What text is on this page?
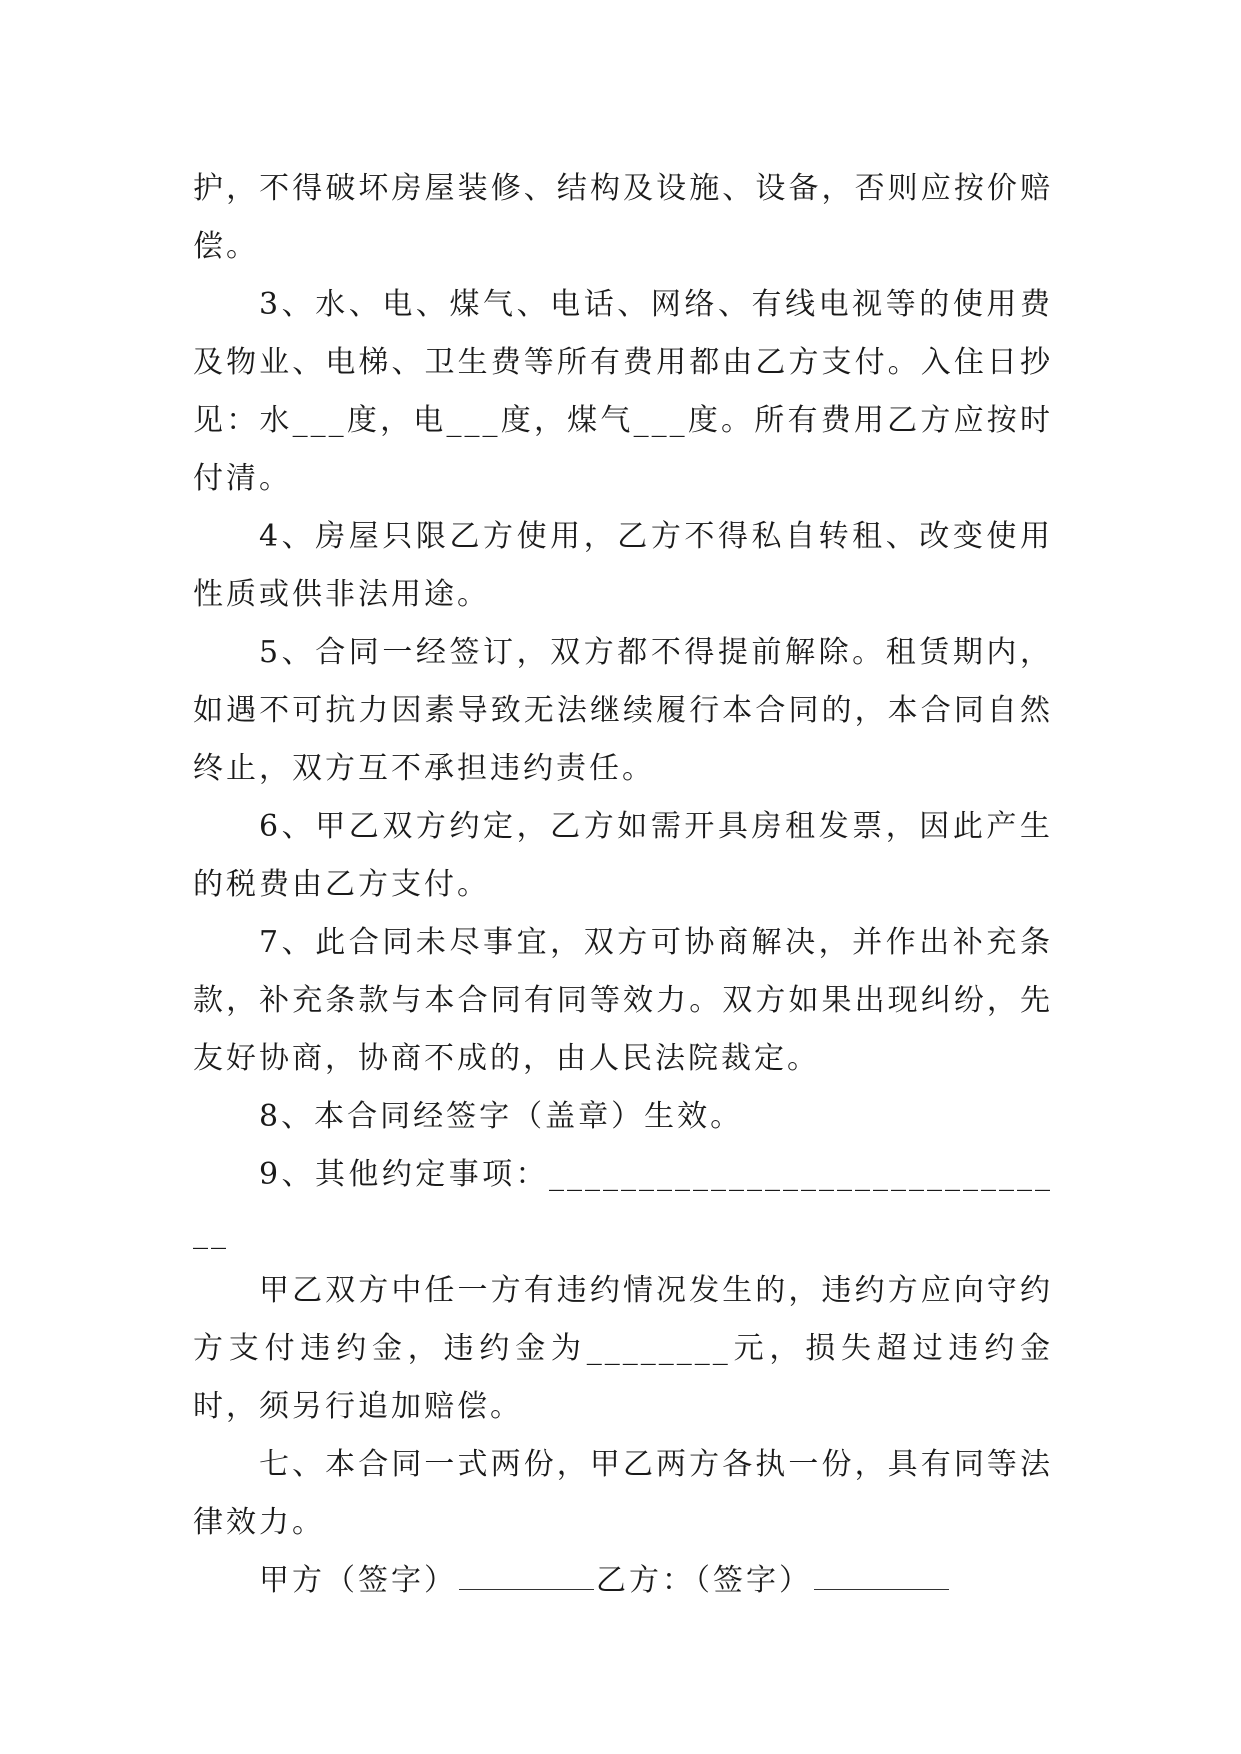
护，不得破坏房屋装修、结构及设施、设备，否则应按价赔偿。

3、水、电、煤气、电话、网络、有线电视等的使用费及物业、电梯、卫生费等所有费用都由乙方支付。入住日抄见：水___度，电___度，煤气___度。所有费用乙方应按时付清。

4、房屋只限乙方使用，乙方不得私自转租、改变使用性质或供非法用途。

5、合同一经签订，双方都不得提前解除。租赁期内，如遇不可抗力因素导致无法继续履行本合同的，本合同自然终止，双方互不承担违约责任。

6、甲乙双方约定，乙方如需开具房租发票，因此产生的税费由乙方支付。

7、此合同未尽事宜，双方可协商解决，并作出补充条款，补充条款与本合同有同等效力。双方如果出现纠纷，先友好协商，协商不成的，由人民法院裁定。

8、本合同经签字（盖章）生效。

9、其他约定事项：______________________________

甲乙双方中任一方有违约情况发生的，违约方应向守约方支付违约金，违约金为________元，损失超过违约金时，须另行追加赔偿。

七、本合同一式两份，甲乙两方各执一份，具有同等法律效力。

甲方（签字）	乙方：（签字）
